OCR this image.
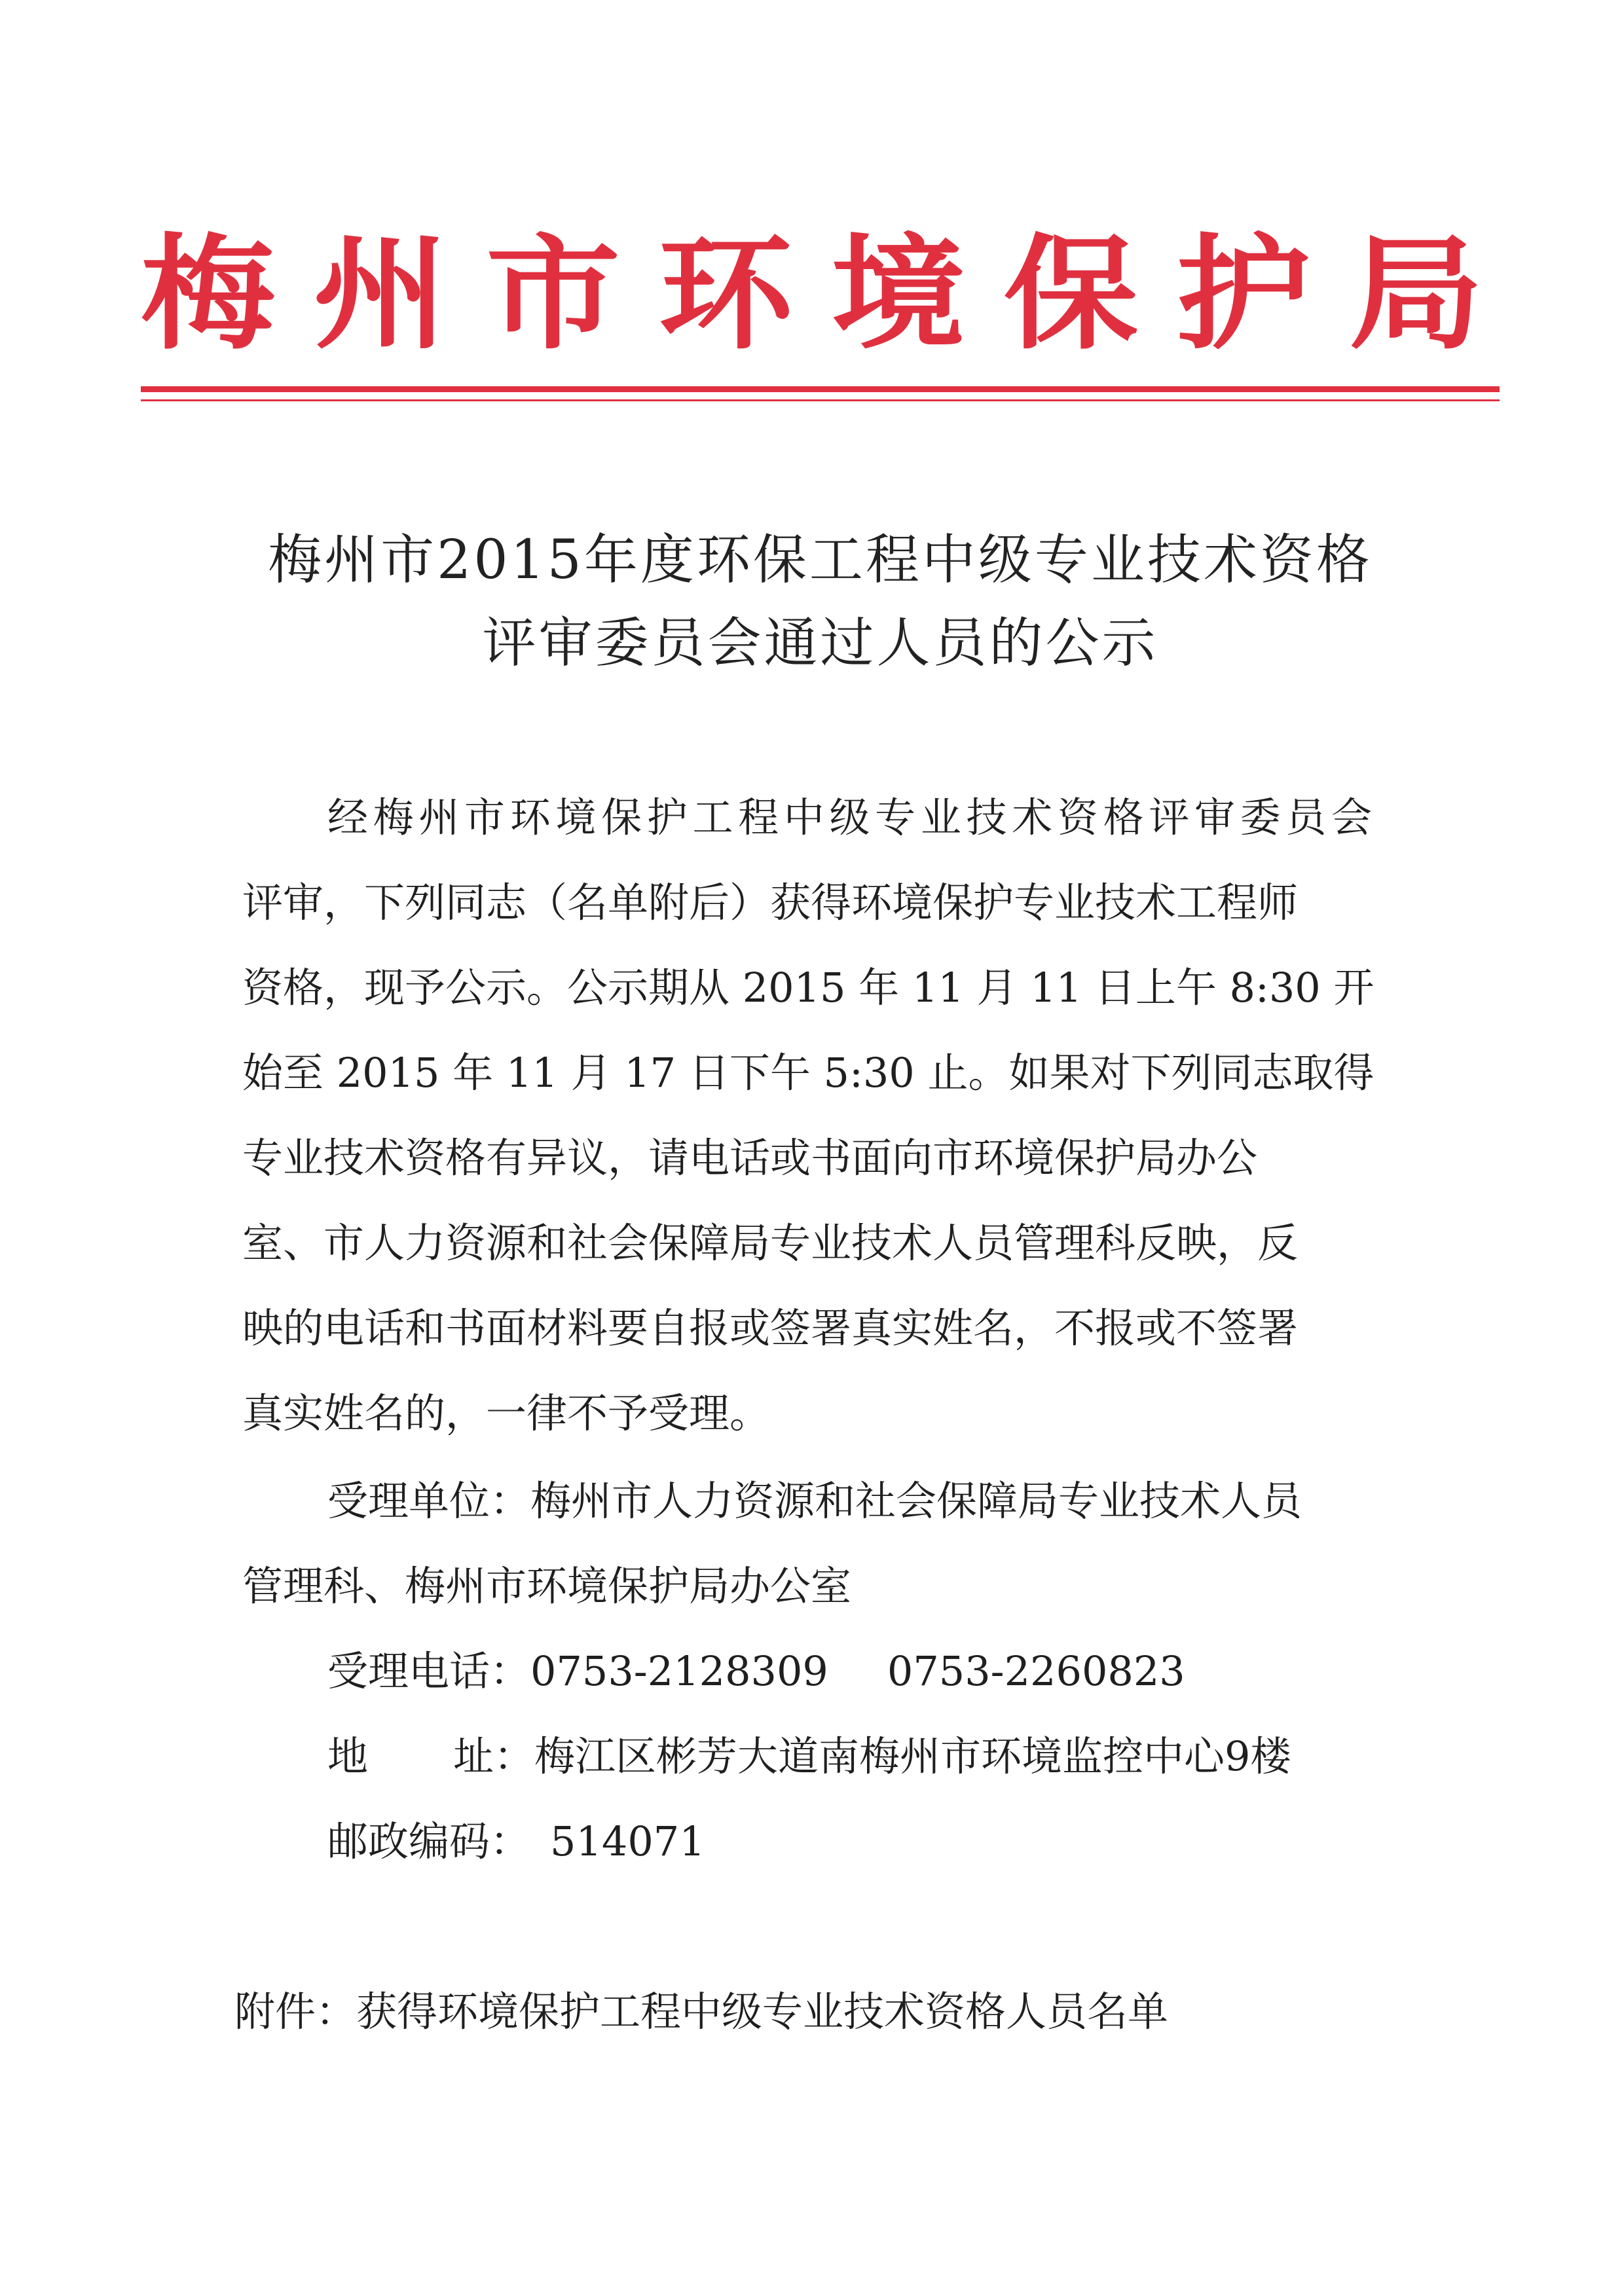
梅 州 市 环 境 保 护 局
梅州市2015年度环保工程中级专业技术资格
评审委员会通过人员的公示
经梅州市环境保护工程中级专业技术资格评审委员会
评审，下列同志（名单附后）获得环境保护专业技术工程师
资格，现予公示。公示期从 2015 年 11 月 11 日上午 8:30 开
始至 2015 年 11 月 17 日下午 5:30 止。如果对下列同志取得
专业技术资格有异议，请电话或书面向市环境保护局办公
室、市人力资源和社会保障局专业技术人员管理科反映，反
映的电话和书面材料要自报或签署真实姓名，不报或不签署
真实姓名的，一律不予受理。
受理单位：梅州市人力资源和社会保障局专业技术人员
管理科、梅州市环境保护局办公室
受理电话：0753-2128309 0753-2260823
地 址：梅江区彬芳大道南梅州市环境监控中心9楼
邮政编码： 514071
附件：获得环境保护工程中级专业技术资格人员名单
